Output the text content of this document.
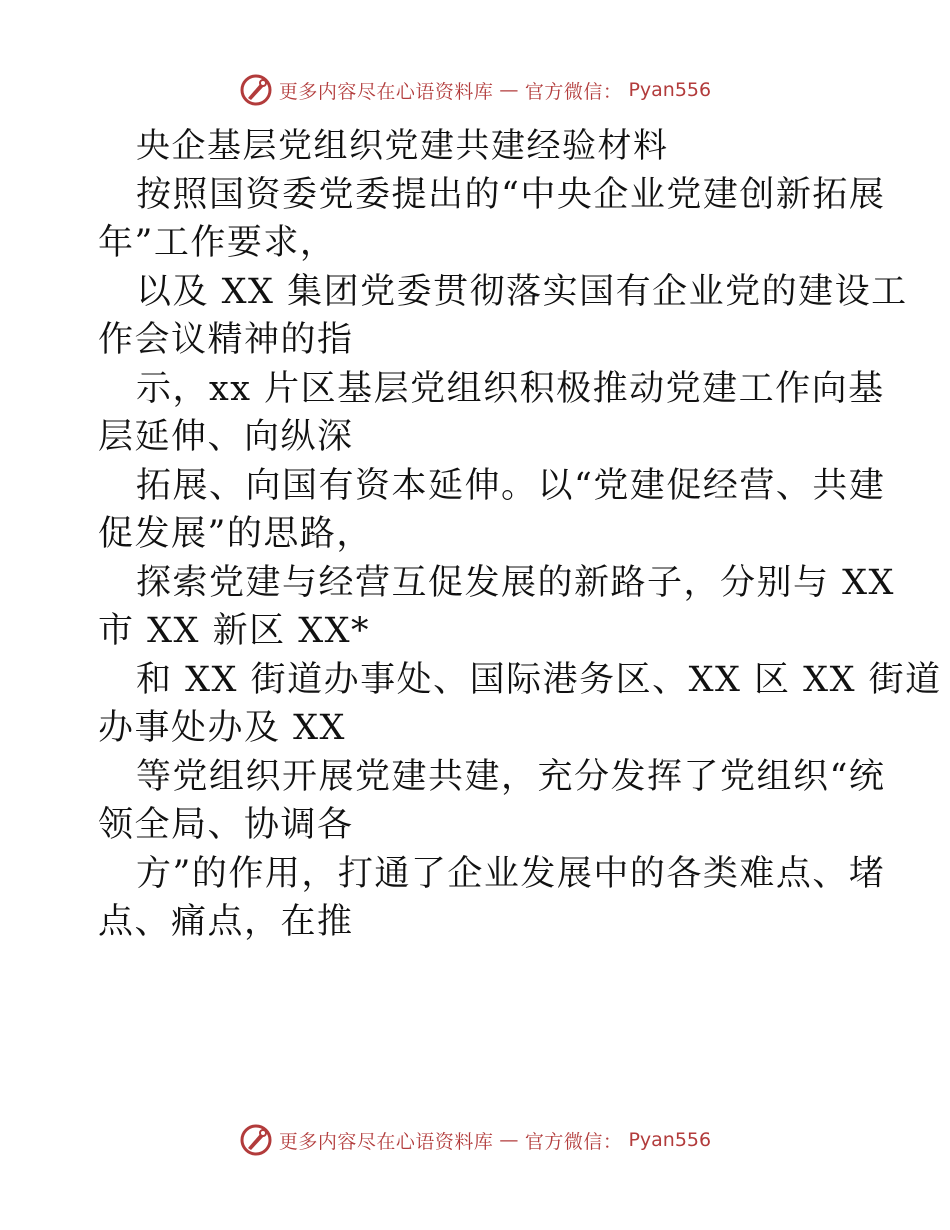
更多内容尽在心语资料库 — 官方微信： Pyan556
央企基层党组织党建共建经验材料
按照国资委党委提出的“中央企业党建创新拓展
年”工作要求，
以及 XX 集团党委贯彻落实国有企业党的建设工
作会议精神的指
示，xx 片区基层党组织积极推动党建工作向基
层延伸、向纵深
拓展、向国有资本延伸。以“党建促经营、共建
促发展”的思路，
探索党建与经营互促发展的新路子，分别与 XX
市 XX 新区 XX*
和 XX 街道办事处、国际港务区、XX 区 XX 街道
办事处办及 XX
等党组织开展党建共建，充分发挥了党组织“统
领全局、协调各
方”的作用，打通了企业发展中的各类难点、堵
点、痛点，在推
更多内容尽在心语资料库 — 官方微信： Pyan556
